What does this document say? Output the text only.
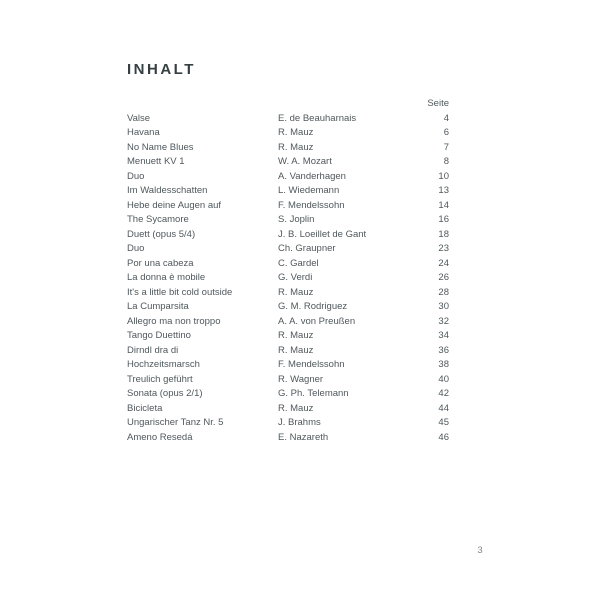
INHALT
Seite
Valse	E. de Beauharnais	4
Havana	R. Mauz	6
No Name Blues	R. Mauz	7
Menuett KV 1	W. A. Mozart	8
Duo	A. Vanderhagen	10
Im Waldesschatten	L. Wiedemann	13
Hebe deine Augen auf	F. Mendelssohn	14
The Sycamore	S. Joplin	16
Duett (opus 5/4)	J. B. Loeillet de Gant	18
Duo	Ch. Graupner	23
Por una cabeza	C. Gardel	24
La donna è mobile	G. Verdi	26
It's a little bit cold outside	R. Mauz	28
La Cumparsita	G. M. Rodriguez	30
Allegro ma non troppo	A. A. von Preußen	32
Tango Duettino	R. Mauz	34
Dirndl dra di	R. Mauz	36
Hochzeitsmarsch	F. Mendelssohn	38
Treulich geführt	R. Wagner	40
Sonata (opus 2/1)	G. Ph. Telemann	42
Bicicleta	R. Mauz	44
Ungarischer Tanz Nr. 5	J. Brahms	45
Ameno Resedá	E. Nazareth	46
3
